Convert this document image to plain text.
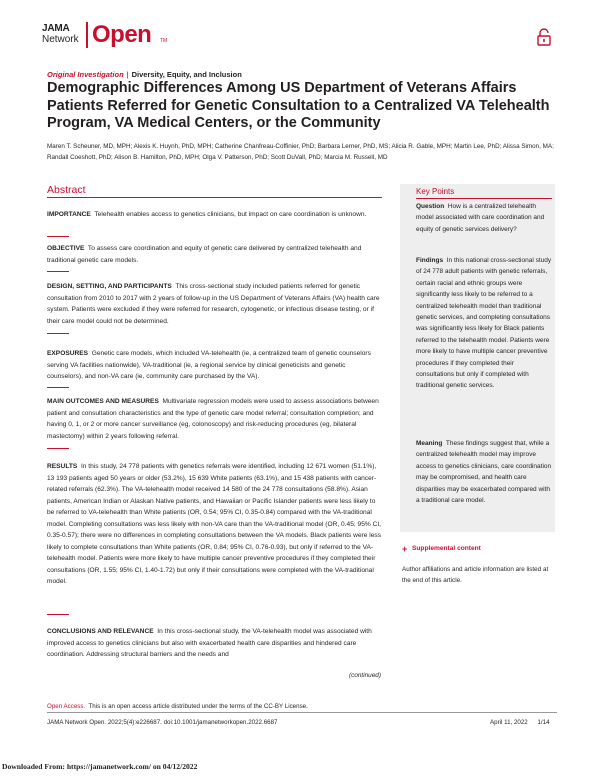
JAMA
Network Open TM
Original Investigation | Diversity, Equity, and Inclusion
Demographic Differences Among US Department of Veterans Affairs Patients Referred for Genetic Consultation to a Centralized VA Telehealth Program, VA Medical Centers, or the Community
Maren T. Scheuner, MD, MPH; Alexis K. Huynh, PhD, MPH; Catherine Chanfreau-Coffinier, PhD; Barbara Lerner, PhD, MS; Alicia R. Gable, MPH; Martin Lee, PhD; Alissa Simon, MA; Randall Coeshott, PhD; Alison B. Hamilton, PhD, MPH; Olga V. Patterson, PhD; Scott DuVall, PhD; Marcia M. Russell, MD
Abstract
IMPORTANCE Telehealth enables access to genetics clinicians, but impact on care coordination is unknown.
OBJECTIVE To assess care coordination and equity of genetic care delivered by centralized telehealth and traditional genetic care models.
DESIGN, SETTING, AND PARTICIPANTS This cross-sectional study included patients referred for genetic consultation from 2010 to 2017 with 2 years of follow-up in the US Department of Veterans Affairs (VA) health care system. Patients were excluded if they were referred for research, cytogenetic, or infectious disease testing, or if their care model could not be determined.
EXPOSURES Genetic care models, which included VA-telehealth (ie, a centralized team of genetic counselors serving VA facilities nationwide), VA-traditional (ie, a regional service by clinical geneticists and genetic counselors), and non-VA care (ie, community care purchased by the VA).
MAIN OUTCOMES AND MEASURES Multivariate regression models were used to assess associations between patient and consultation characteristics and the type of genetic care model referral; consultation completion; and having 0, 1, or 2 or more cancer surveillance (eg, colonoscopy) and risk-reducing procedures (eg, bilateral mastectomy) within 2 years following referral.
RESULTS In this study, 24 778 patients with genetics referrals were identified, including 12 671 women (51.1%), 13 193 patients aged 50 years or older (53.2%), 15 639 White patients (63.1%), and 15 438 patients with cancer-related referrals (62.3%). The VA-telehealth model received 14 580 of the 24 778 consultations (58.8%). Asian patients, American Indian or Alaskan Native patients, and Hawaiian or Pacific Islander patients were less likely to be referred to VA-telehealth than White patients (OR, 0.54; 95% CI, 0.35-0.84) compared with the VA-traditional model. Completing consultations was less likely with non-VA care than the VA-traditional model (OR, 0.45; 95% CI, 0.35-0.57); there were no differences in completing consultations between the VA models. Black patients were less likely to complete consultations than White patients (OR, 0.84; 95% CI, 0.76-0.93), but only if referred to the VA-telehealth model. Patients were more likely to have multiple cancer preventive procedures if they completed their consultations (OR, 1.55; 95% CI, 1.40-1.72) but only if their consultations were completed with the VA-traditional model.
CONCLUSIONS AND RELEVANCE In this cross-sectional study, the VA-telehealth model was associated with improved access to genetics clinicians but also with exacerbated health care disparities and hindered care coordination. Addressing structural barriers and the needs and
(continued)
Key Points
Question How is a centralized telehealth model associated with care coordination and equity of genetic services delivery?
Findings In this national cross-sectional study of 24 778 adult patients with genetic referrals, certain racial and ethnic groups were significantly less likely to be referred to a centralized telehealth model than traditional genetic services, and completing consultations was significantly less likely for Black patients referred to the telehealth model. Patients were more likely to have multiple cancer preventive procedures if they completed their consultations but only if completed with traditional genetic services.
Meaning These findings suggest that, while a centralized telehealth model may improve access to genetics clinicians, care coordination may be compromised, and health care disparities may be exacerbated compared with a traditional care model.
+ Supplemental content
Author affiliations and article information are listed at the end of this article.
Open Access. This is an open access article distributed under the terms of the CC-BY License.
JAMA Network Open. 2022;5(4):e226687. doi:10.1001/jamanetworkopen.2022.6687	April 11, 2022 1/14
Downloaded From: https://jamanetwork.com/ on 04/12/2022
